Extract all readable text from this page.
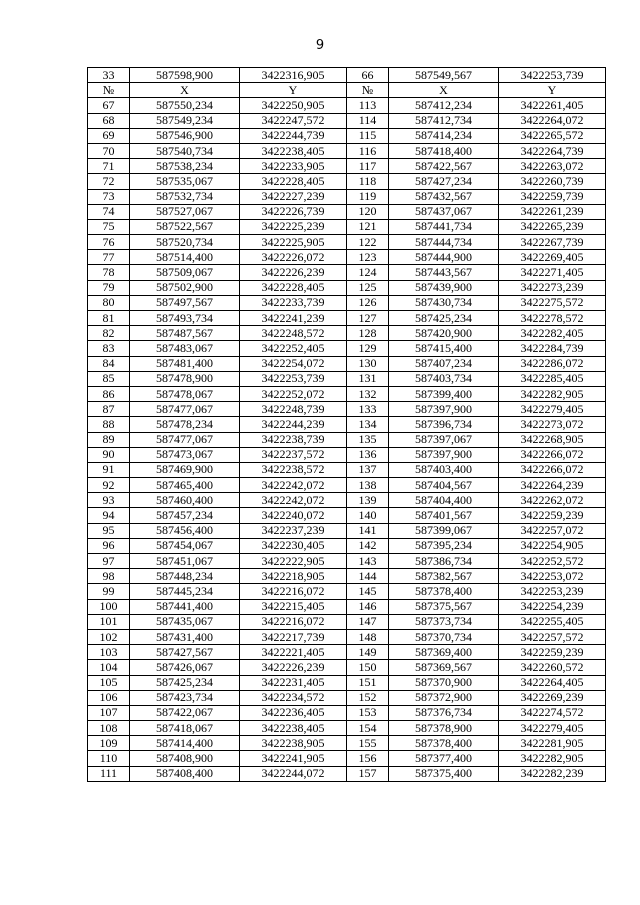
9
33	587598,900	3422316,905	66	587549,567	3422253,739
№	X	Y	№	X	Y
67	587550,234	3422250,905	113	587412,234	3422261,405
68	587549,234	3422247,572	114	587412,734	3422264,072
69	587546,900	3422244,739	115	587414,234	3422265,572
70	587540,734	3422238,405	116	587418,400	3422264,739
71	587538,234	3422233,905	117	587422,567	3422263,072
72	587535,067	3422228,405	118	587427,234	3422260,739
73	587532,734	3422227,239	119	587432,567	3422259,739
74	587527,067	3422226,739	120	587437,067	3422261,239
75	587522,567	3422225,239	121	587441,734	3422265,239
76	587520,734	3422225,905	122	587444,734	3422267,739
77	587514,400	3422226,072	123	587444,900	3422269,405
78	587509,067	3422226,239	124	587443,567	3422271,405
79	587502,900	3422228,405	125	587439,900	3422273,239
80	587497,567	3422233,739	126	587430,734	3422275,572
81	587493,734	3422241,239	127	587425,234	3422278,572
82	587487,567	3422248,572	128	587420,900	3422282,405
83	587483,067	3422252,405	129	587415,400	3422284,739
84	587481,400	3422254,072	130	587407,234	3422286,072
85	587478,900	3422253,739	131	587403,734	3422285,405
86	587478,067	3422252,072	132	587399,400	3422282,905
87	587477,067	3422248,739	133	587397,900	3422279,405
88	587478,234	3422244,239	134	587396,734	3422273,072
89	587477,067	3422238,739	135	587397,067	3422268,905
90	587473,067	3422237,572	136	587397,900	3422266,072
91	587469,900	3422238,572	137	587403,400	3422266,072
92	587465,400	3422242,072	138	587404,567	3422264,239
93	587460,400	3422242,072	139	587404,400	3422262,072
94	587457,234	3422240,072	140	587401,567	3422259,239
95	587456,400	3422237,239	141	587399,067	3422257,072
96	587454,067	3422230,405	142	587395,234	3422254,905
97	587451,067	3422222,905	143	587386,734	3422252,572
98	587448,234	3422218,905	144	587382,567	3422253,072
99	587445,234	3422216,072	145	587378,400	3422253,239
100	587441,400	3422215,405	146	587375,567	3422254,239
101	587435,067	3422216,072	147	587373,734	3422255,405
102	587431,400	3422217,739	148	587370,734	3422257,572
103	587427,567	3422221,405	149	587369,400	3422259,239
104	587426,067	3422226,239	150	587369,567	3422260,572
105	587425,234	3422231,405	151	587370,900	3422264,405
106	587423,734	3422234,572	152	587372,900	3422269,239
107	587422,067	3422236,405	153	587376,734	3422274,572
108	587418,067	3422238,405	154	587378,900	3422279,405
109	587414,400	3422238,905	155	587378,400	3422281,905
110	587408,900	3422241,905	156	587377,400	3422282,905
111	587408,400	3422244,072	157	587375,400	3422282,239
